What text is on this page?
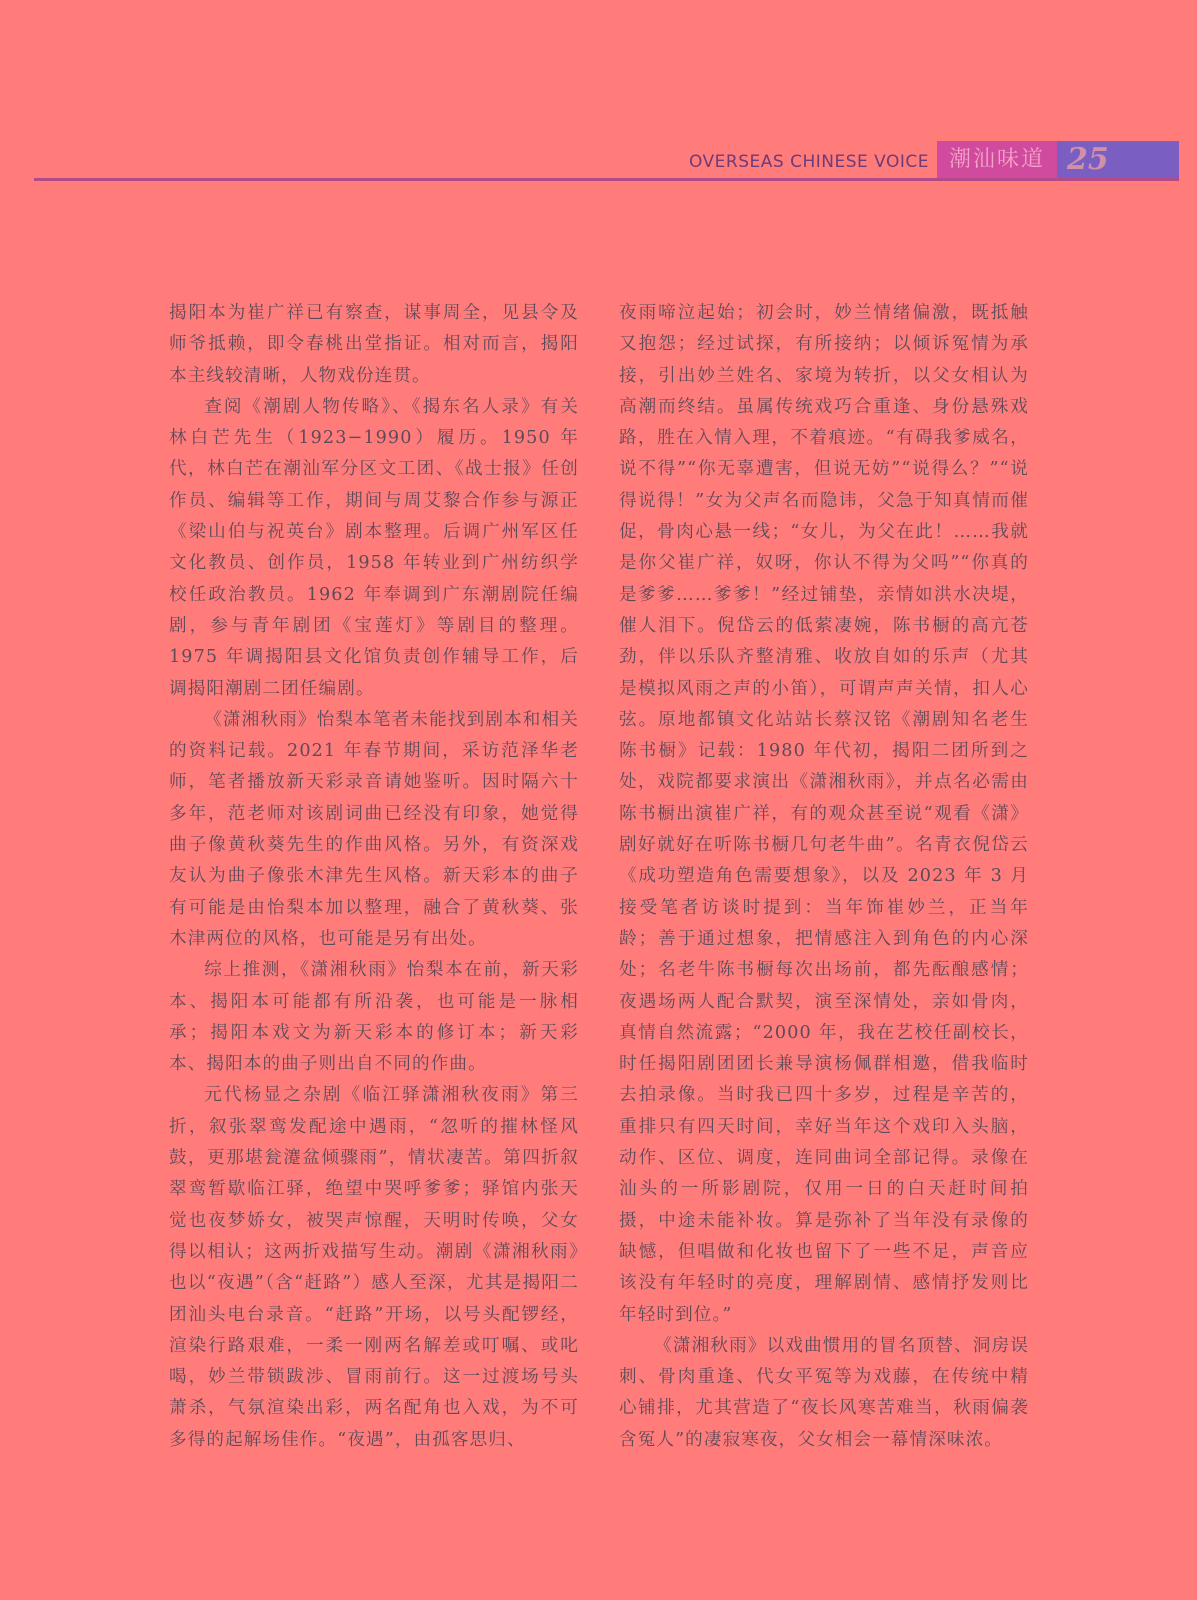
OVERSEAS CHINESE VOICE 潮汕味道 25

揭阳本为崔广祥已有察查，谋事周全，见县令及师爷抵赖，即令春桃出堂指证。相对而言，揭阳本主线较清晰，人物戏份连贯。

查阅《潮剧人物传略》、《揭东名人录》有关林白芒先生（1923−1990）履历。1950 年代，林白芒在潮汕军分区文工团、《战士报》任创作员、编辑等工作，期间与周艾黎合作参与源正《梁山伯与祝英台》剧本整理。后调广州军区任文化教员、创作员，1958 年转业到广州纺织学校任政治教员。1962 年奉调到广东潮剧院任编剧，参与青年剧团《宝莲灯》等剧目的整理。1975 年调揭阳县文化馆负责创作辅导工作，后调揭阳潮剧二团任编剧。

《潇湘秋雨》怡梨本笔者未能找到剧本和相关的资料记载。2021 年春节期间，采访范泽华老师，笔者播放新天彩录音请她鉴听。因时隔六十多年，范老师对该剧词曲已经没有印象，她觉得曲子像黄秋葵先生的作曲风格。另外，有资深戏友认为曲子像张木津先生风格。新天彩本的曲子有可能是由怡梨本加以整理，融合了黄秋葵、张木津两位的风格，也可能是另有出处。

综上推测，《潇湘秋雨》怡梨本在前，新天彩本、揭阳本可能都有所沿袭，也可能是一脉相承；揭阳本戏文为新天彩本的修订本；新天彩本、揭阳本的曲子则出自不同的作曲。

元代杨显之杂剧《临江驿潇湘秋夜雨》第三折，叙张翠鸾发配途中遇雨，“忽听的摧林怪风鼓，更那堪瓮瀽盆倾骤雨”，情状凄苦。第四折叙翠鸾暂歇临江驿，绝望中哭呼爹爹；驿馆内张天觉也夜梦娇女，被哭声惊醒，天明时传唤，父女得以相认；这两折戏描写生动。潮剧《潇湘秋雨》也以“夜遇”（含“赶路”）感人至深，尤其是揭阳二团汕头电台录音。“赶路”开场，以号头配锣经，渲染行路艰难，一柔一刚两名解差或叮嘱、或叱喝，妙兰带锁跋涉、冒雨前行。这一过渡场号头萧杀，气氛渲染出彩，两名配角也入戏，为不可多得的起解场佳作。“夜遇”，由孤客思归、

夜雨啼泣起始；初会时，妙兰情绪偏激，既抵触又抱怨；经过试探，有所接纳；以倾诉冤情为承接，引出妙兰姓名、家境为转折，以父女相认为高潮而终结。虽属传统戏巧合重逢、身份悬殊戏路，胜在入情入理，不着痕迹。“有碍我爹威名，说不得”“你无辜遭害，但说无妨”“说得么？”“说得说得！”女为父声名而隐讳，父急于知真情而催促，骨肉心悬一线；“女儿，为父在此！……我就是你父崔广祥，奴呀，你认不得为父吗”“你真的是爹爹……爹爹！”经过铺垫，亲情如洪水决堤，催人泪下。倪岱云的低萦凄婉，陈书橱的高亢苍劲，伴以乐队齐整清雅、收放自如的乐声（尤其是模拟风雨之声的小笛），可谓声声关情，扣人心弦。原地都镇文化站站长蔡汉铭《潮剧知名老生陈书橱》记载：1980 年代初，揭阳二团所到之处，戏院都要求演出《潇湘秋雨》，并点名必需由陈书橱出演崔广祥，有的观众甚至说“观看《潇》剧好就好在听陈书橱几句老牛曲”。名青衣倪岱云《成功塑造角色需要想象》，以及 2023 年 3 月接受笔者访谈时提到：当年饰崔妙兰，正当年龄；善于通过想象，把情感注入到角色的内心深处；名老牛陈书橱每次出场前，都先酝酿感情；夜遇场两人配合默契，演至深情处，亲如骨肉，真情自然流露；“2000 年，我在艺校任副校长，时任揭阳剧团团长兼导演杨佩群相邀，借我临时去拍录像。当时我已四十多岁，过程是辛苦的，重排只有四天时间，幸好当年这个戏印入头脑，动作、区位、调度，连同曲词全部记得。录像在汕头的一所影剧院，仅用一日的白天赶时间拍摄，中途未能补妆。算是弥补了当年没有录像的缺憾，但唱做和化妆也留下了一些不足，声音应该没有年轻时的亮度，理解剧情、感情抒发则比年轻时到位。”

《潇湘秋雨》以戏曲惯用的冒名顶替、洞房误刺、骨肉重逢、代女平冤等为戏藤，在传统中精心铺排，尤其营造了“夜长风寒苦难当，秋雨偏袭含冤人”的凄寂寒夜，父女相会一幕情深味浓。
